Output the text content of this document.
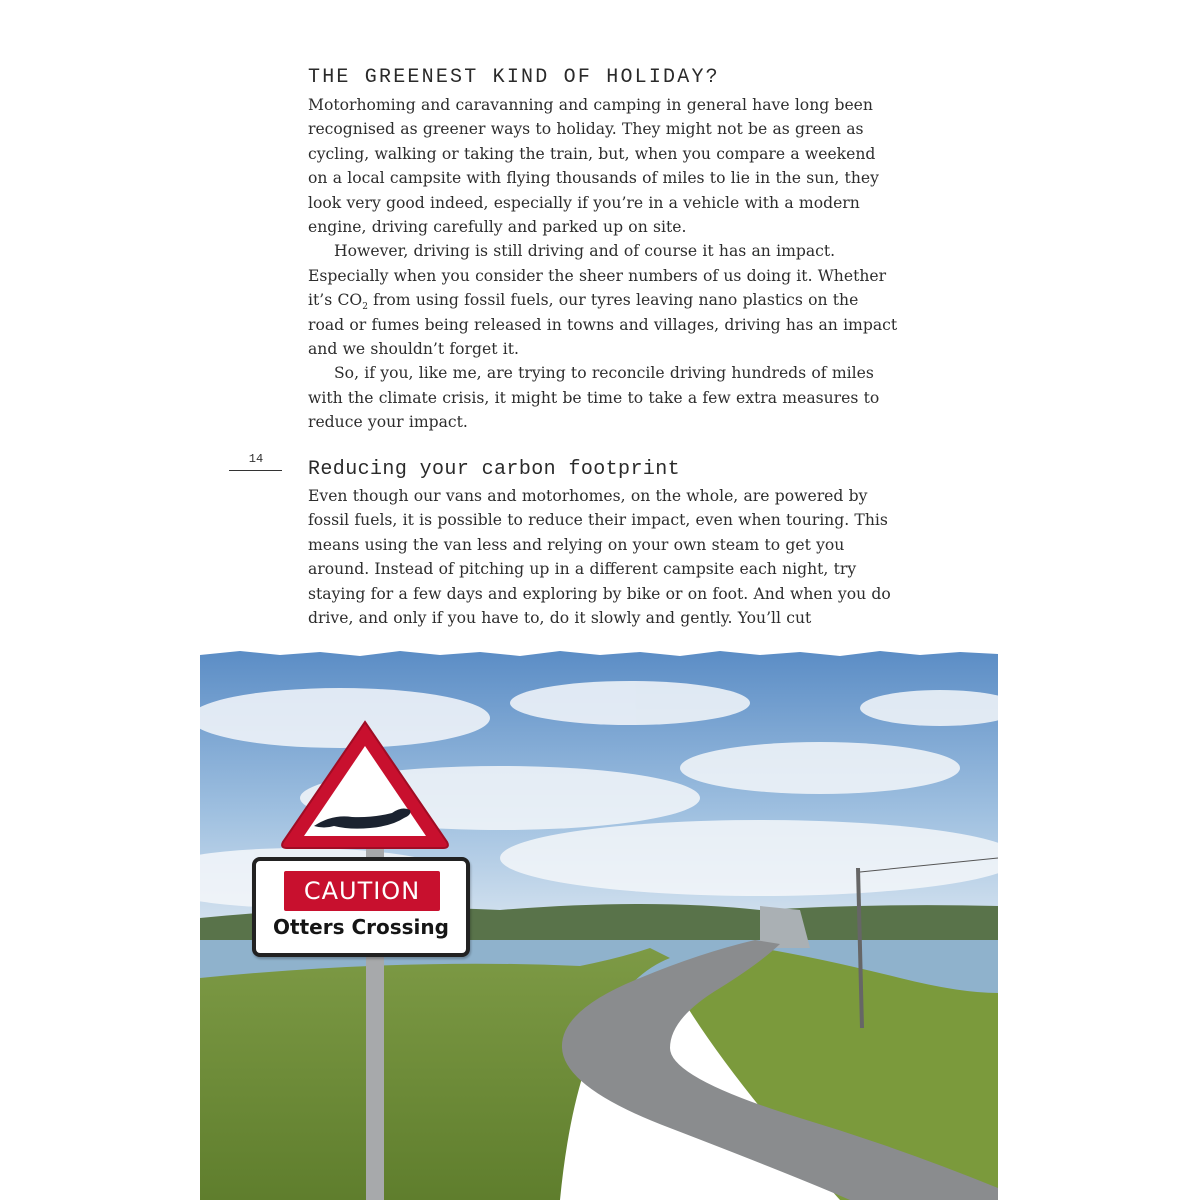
THE GREENEST KIND OF HOLIDAY?

Motorhoming and caravanning and camping in general have long been recognised as greener ways to holiday. They might not be as green as cycling, walking or taking the train, but, when you compare a weekend on a local campsite with flying thousands of miles to lie in the sun, they look very good indeed, especially if you’re in a vehicle with a modern engine, driving carefully and parked up on site.

However, driving is still driving and of course it has an impact. Especially when you consider the sheer numbers of us doing it. Whether it’s $CO_2$ from using fossil fuels, our tyres leaving nano plastics on the road or fumes being released in towns and villages, driving has an impact and we shouldn’t forget it.

So, if you, like me, are trying to reconcile driving hundreds of miles with the climate crisis, it might be time to take a few extra measures to reduce your impact.

14	Reducing your carbon footprint

Even though our vans and motorhomes, on the whole, are powered by fossil fuels, it is possible to reduce their impact, even when touring. This means using the van less and relying on your own steam to get you around. Instead of pitching up in a different campsite each night, try staying for a few days and exploring by bike or on foot. And when you do drive, and only if you have to, do it slowly and gently. You’ll cut

CAUTION
Otters Crossing
